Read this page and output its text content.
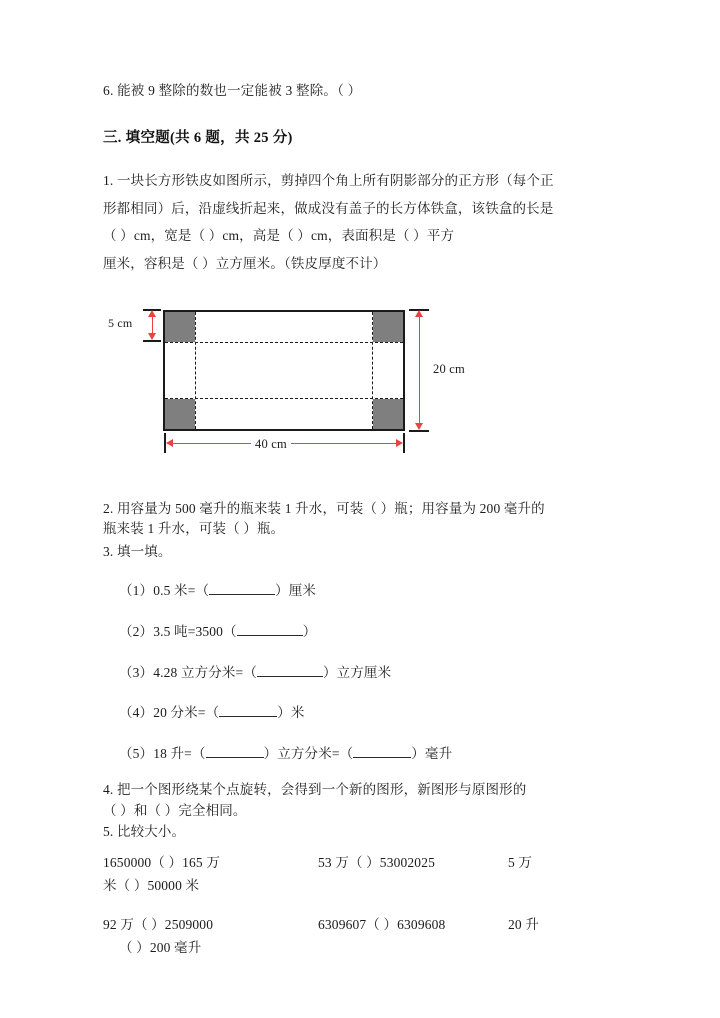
6. 能被 9 整除的数也一定能被 3 整除。（ ）
三. 填空题(共 6 题，共 25 分)
1. 一块长方形铁皮如图所示，剪掉四个角上所有阴影部分的正方形（每个正
形都相同）后，沿虚线折起来，做成没有盖子的长方体铁盒，该铁盒的长是
（ ）cm，宽是（ ）cm，高是（ ）cm，表面积是（ ）平方
厘米，容积是（ ）立方厘米。（铁皮厚度不计）
5 cm
20 cm
40 cm
2. 用容量为 500 毫升的瓶来装 1 升水，可装（ ）瓶；用容量为 200 毫升的
瓶来装 1 升水，可装（ ）瓶。
3. 填一填。
（1）0.5 米=（	）厘米
（2）3.5 吨=3500（	）
（3）4.28 立方分米=（	）立方厘米
（4）20 分米=（	）米
（5）18 升=（	）立方分米=（	）毫升
4. 把一个图形绕某个点旋转，会得到一个新的图形，新图形与原图形的
（ ）和（ ）完全相同。
5. 比较大小。
1650000（ ）165 万	53 万（ ）53002025	5 万
米（ ）50000 米
92 万（ ）2509000	6309607（ ）6309608	20 升
（ ）200 毫升
